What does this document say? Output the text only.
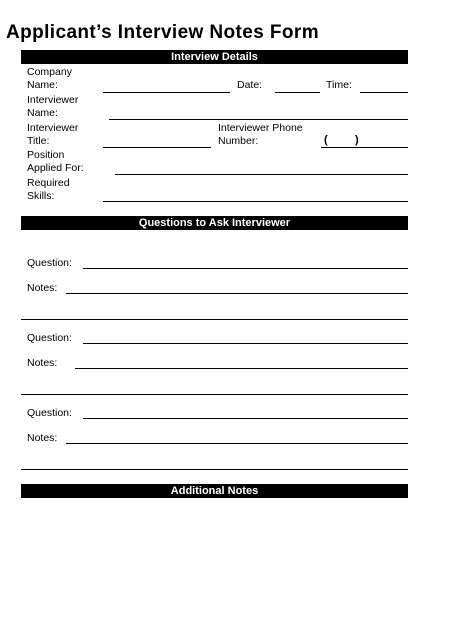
Applicant’s Interview Notes Form
Interview Details
Company
Name:	Date:	Time:
Interviewer
Name:
Interviewer
Title:
Interviewer Phone
Number:	( )
Position
Applied For:
Required
Skills:
Questions to Ask Interviewer
Question:
Notes:
Question:
Notes:
Question:
Notes:
Additional Notes
